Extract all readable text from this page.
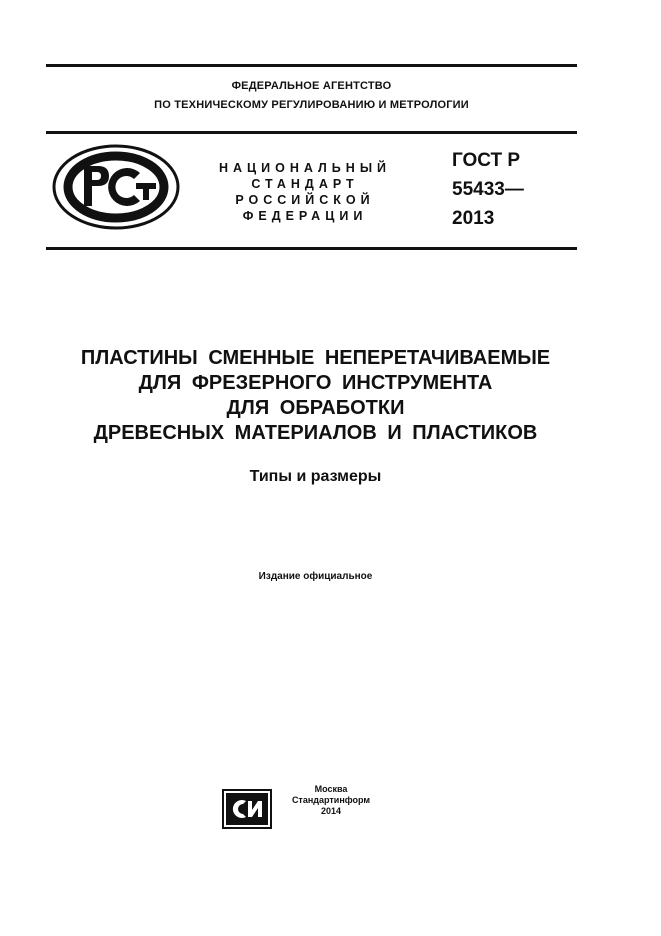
ФЕДЕРАЛЬНОЕ АГЕНТСТВО
ПО ТЕХНИЧЕСКОМУ РЕГУЛИРОВАНИЮ И МЕТРОЛОГИИ
НАЦИОНАЛЬНЫЙ
СТАНДАРТ
РОССИЙСКОЙ
ФЕДЕРАЦИИ
ГОСТ Р
55433—
2013
ПЛАСТИНЫ СМЕННЫЕ НЕПЕРЕТАЧИВАЕМЫЕ
ДЛЯ ФРЕЗЕРНОГО ИНСТРУМЕНТА
ДЛЯ ОБРАБОТКИ
ДРЕВЕСНЫХ МАТЕРИАЛОВ И ПЛАСТИКОВ
Типы и размеры
Издание официальное
Москва
Стандартинформ
2014
